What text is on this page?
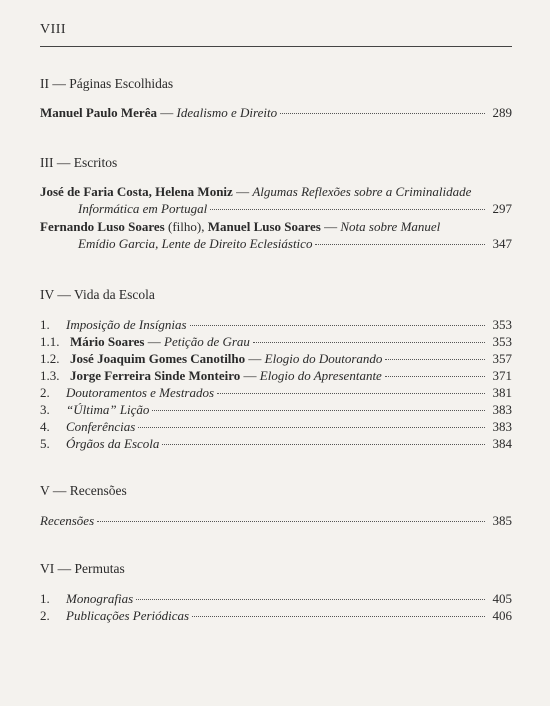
VIII
II — Páginas Escolhidas
Manuel Paulo Merêa — Idealismo e Direito	289
III — Escritos
José de Faria Costa, Helena Moniz — Algumas Reflexões sobre a Criminalidade
Informática em Portugal	297
Fernando Luso Soares (filho), Manuel Luso Soares — Nota sobre Manuel
Emídio Garcia, Lente de Direito Eclesiástico	347
IV — Vida da Escola
1. Imposição de Insígnias	353
1.1. Mário Soares — Petição de Grau	353
1.2. José Joaquim Gomes Canotilho — Elogio do Doutorando	357
1.3. Jorge Ferreira Sinde Monteiro — Elogio do Apresentante	371
2. Doutoramentos e Mestrados	381
3. “Última” Lição	383
4. Conferências	383
5. Órgãos da Escola	384
V — Recensões
Recensões	385
VI — Permutas
1. Monografias	405
2. Publicações Periódicas	406
